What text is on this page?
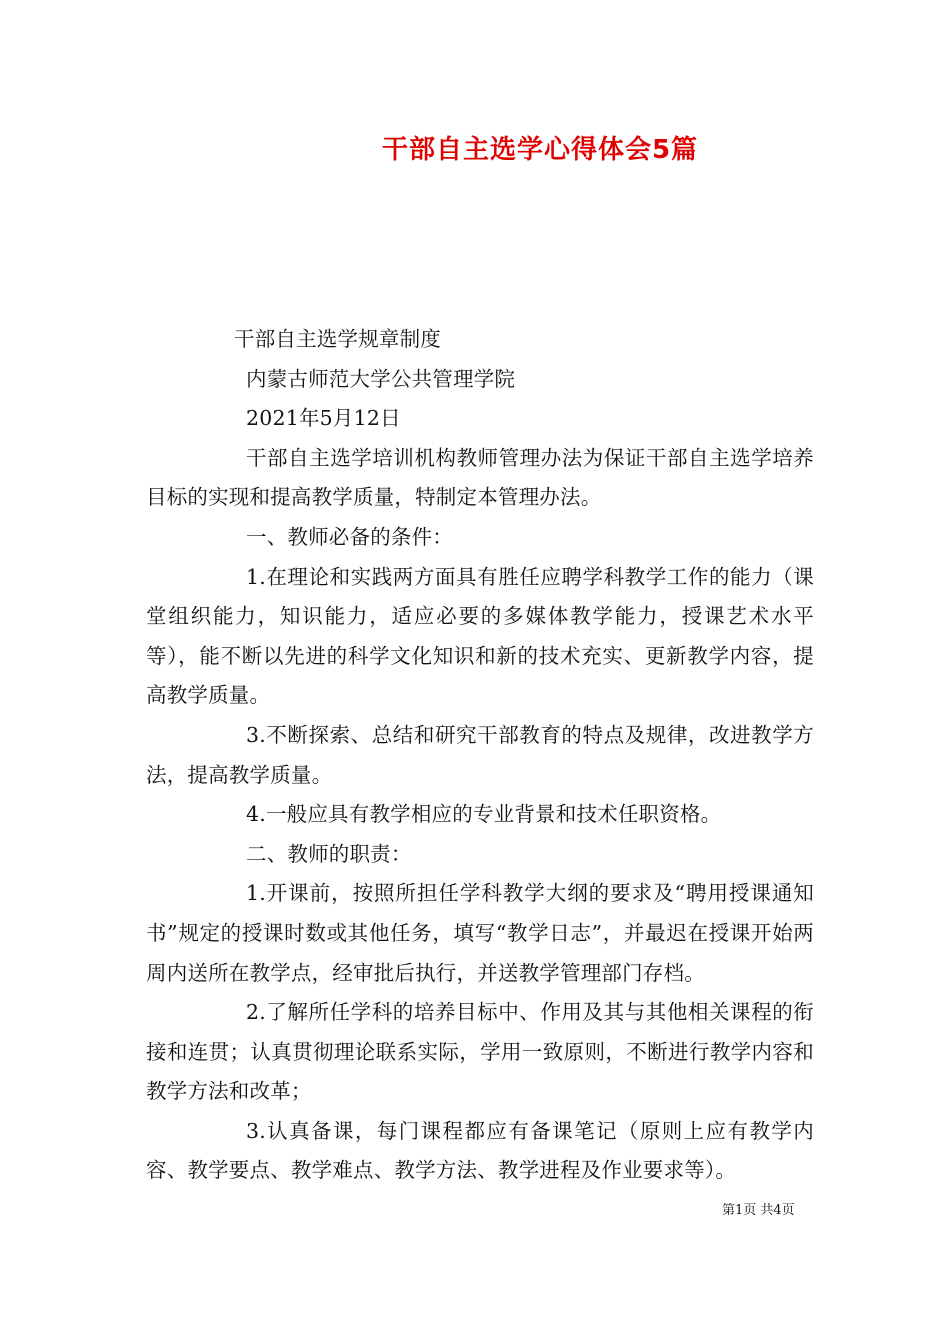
干部自主选学心得体会5篇

干部自主选学规章制度

内蒙古师范大学公共管理学院

2021年5月12日

干部自主选学培训机构教师管理办法为保证干部自主选学培养目标的实现和提高教学质量，特制定本管理办法。

一、教师必备的条件：

1.在理论和实践两方面具有胜任应聘学科教学工作的能力（课堂组织能力，知识能力，适应必要的多媒体教学能力，授课艺术水平等），能不断以先进的科学文化知识和新的技术充实、更新教学内容，提高教学质量。

3.不断探索、总结和研究干部教育的特点及规律，改进教学方法，提高教学质量。

4.一般应具有教学相应的专业背景和技术任职资格。

二、教师的职责：

1.开课前，按照所担任学科教学大纲的要求及“聘用授课通知书”规定的授课时数或其他任务，填写“教学日志”，并最迟在授课开始两周内送所在教学点，经审批后执行，并送教学管理部门存档。

2.了解所任学科的培养目标中、作用及其与其他相关课程的衔接和连贯；认真贯彻理论联系实际，学用一致原则，不断进行教学内容和教学方法和改革；

3.认真备课，每门课程都应有备课笔记（原则上应有教学内容、教学要点、教学难点、教学方法、教学进程及作业要求等）。

第1页 共4页
